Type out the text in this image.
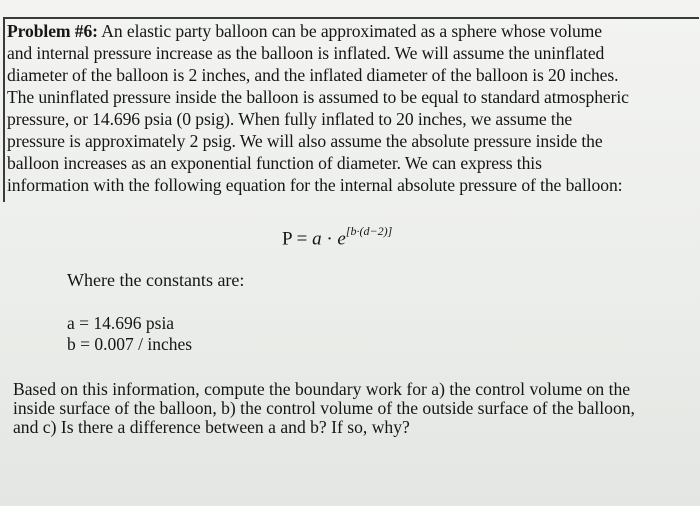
Problem #6: An elastic party balloon can be approximated as a sphere whose volume
and internal pressure increase as the balloon is inflated. We will assume the uninflated
diameter of the balloon is 2 inches, and the inflated diameter of the balloon is 20 inches.
The uninflated pressure inside the balloon is assumed to be equal to standard atmospheric
pressure, or 14.696 psia (0 psig). When fully inflated to 20 inches, we assume the
pressure is approximately 2 psig. We will also assume the absolute pressure inside the
balloon increases as an exponential function of diameter. We can express this
information with the following equation for the internal absolute pressure of the balloon:
P = a · e[b·(d−2)]
Where the constants are:
a = 14.696 psia
b = 0.007 / inches
Based on this information, compute the boundary work for a) the control volume on the
inside surface of the balloon, b) the control volume of the outside surface of the balloon,
and c) Is there a difference between a and b? If so, why?
